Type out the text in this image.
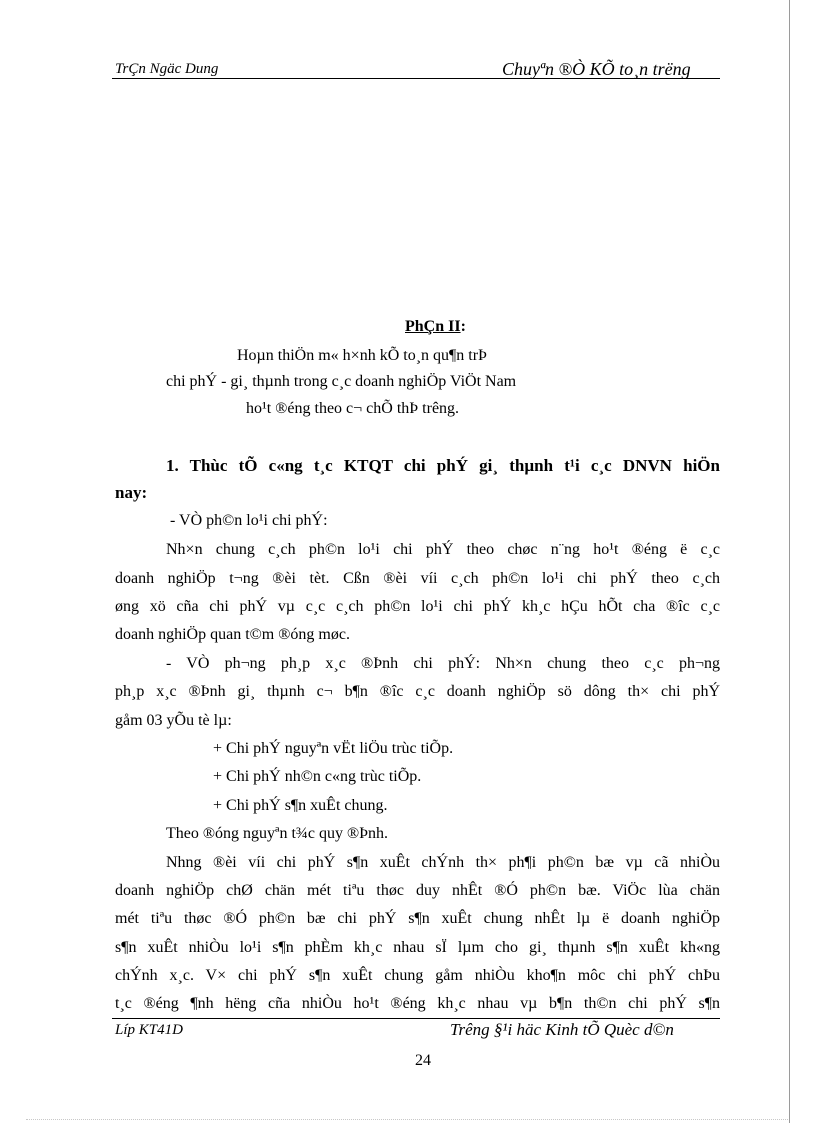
TrÇn Ngäc Dung	Chuyªn ®Ò KÕ to¸n trëng
PhÇn II:
Hoµn thiÖn m« h×nh kÕ to¸n qu¶n trÞ
chi phÝ - gi¸ thµnh trong c¸c doanh nghiÖp ViÖt Nam
ho¹t ®éng theo c¬ chÕ thÞ trêng.
1. Thùc tÕ c«ng t¸c KTQT chi phÝ gi¸ thµnh t¹i c¸c DNVN hiÖn
nay:
- VÒ ph©n lo¹i chi phÝ:
Nh×n chung c¸ch ph©n lo¹i chi phÝ theo chøc n¨ng ho¹t ®éng ë c¸c
doanh nghiÖp t¬ng ®èi tèt. Cßn ®èi víi c¸ch ph©n lo¹i chi phÝ theo c¸ch
øng xö cña chi phÝ vµ c¸c c¸ch ph©n lo¹i chi phÝ kh¸c hÇu hÕt cha ®îc c¸c
doanh nghiÖp quan t©m ®óng møc.
- VÒ ph¬ng ph¸p x¸c ®Þnh chi phÝ: Nh×n chung theo c¸c ph¬ng
ph¸p x¸c ®Þnh gi¸ thµnh c¬ b¶n ®îc c¸c doanh nghiÖp sö dông th× chi phÝ
gåm 03 yÕu tè lµ:
+ Chi phÝ nguyªn vËt liÖu trùc tiÕp.
+ Chi phÝ nh©n c«ng trùc tiÕp.
+ Chi phÝ s¶n xuÊt chung.
Theo ®óng nguyªn t¾c quy ®Þnh.
Nhng ®èi víi chi phÝ s¶n xuÊt chÝnh th× ph¶i ph©n bæ vµ cã nhiÒu
doanh nghiÖp chØ chän mét tiªu thøc duy nhÊt ®Ó ph©n bæ. ViÖc lùa chän
mét tiªu thøc ®Ó ph©n bæ chi phÝ s¶n xuÊt chung nhÊt lµ ë doanh nghiÖp
s¶n xuÊt nhiÒu lo¹i s¶n phÈm kh¸c nhau sÏ lµm cho gi¸ thµnh s¶n xuÊt kh«ng
chÝnh x¸c. V× chi phÝ s¶n xuÊt chung gåm nhiÒu kho¶n môc chi phÝ chÞu
t¸c ®éng ¶nh hëng cña nhiÒu ho¹t ®éng kh¸c nhau vµ b¶n th©n chi phÝ s¶n
Líp KT41D	Trêng §¹i häc Kinh tÕ Quèc d©n
24
